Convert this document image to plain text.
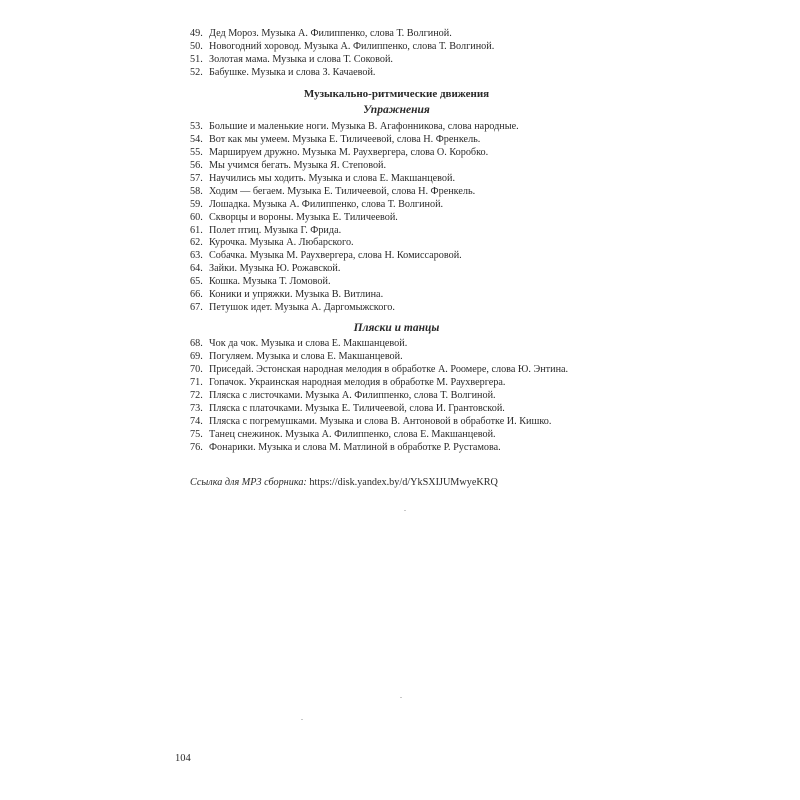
49. Дед Мороз. Музыка А. Филиппенко, слова Т. Волгиной.
50. Новогодний хоровод. Музыка А. Филиппенко, слова Т. Волгиной.
51. Золотая мама. Музыка и слова Т. Соковой.
52. Бабушке. Музыка и слова З. Качаевой.
Музыкально-ритмические движения
Упражнения
53. Большие и маленькие ноги. Музыка В. Агафонникова, слова народные.
54. Вот как мы умеем. Музыка Е. Тиличеевой, слова Н. Френкель.
55. Маршируем дружно. Музыка М. Раухвергера, слова О. Коробко.
56. Мы учимся бегать. Музыка Я. Степовой.
57. Научились мы ходить. Музыка и слова Е. Макшанцевой.
58. Ходим — бегаем. Музыка Е. Тиличеевой, слова Н. Френкель.
59. Лошадка. Музыка А. Филиппенко, слова Т. Волгиной.
60. Скворцы и вороны. Музыка Е. Тиличеевой.
61. Полет птиц. Музыка Г. Фрида.
62. Курочка. Музыка А. Любарского.
63. Собачка. Музыка М. Раухвергера, слова Н. Комиссаровой.
64. Зайки. Музыка Ю. Рожавской.
65. Кошка. Музыка Т. Ломовой.
66. Коники и упряжки. Музыка В. Витлина.
67. Петушок идет. Музыка А. Даргомыжского.
Пляски и танцы
68. Чок да чок. Музыка и слова Е. Макшанцевой.
69. Погуляем. Музыка и слова Е. Макшанцевой.
70. Приседай. Эстонская народная мелодия в обработке А. Роомере, слова Ю. Энтина.
71. Гопачок. Украинская народная мелодия в обработке М. Раухвергера.
72. Пляска с листочками. Музыка А. Филиппенко, слова Т. Волгиной.
73. Пляска с платочками. Музыка Е. Тиличеевой, слова И. Грантовской.
74. Пляска с погремушками. Музыка и слова В. Антоновой в обработке И. Кишко.
75. Танец снежинок. Музыка А. Филиппенко, слова Е. Макшанцевой.
76. Фонарики. Музыка и слова М. Матлиной в обработке Р. Рустамова.
Ссылка для MP3 сборника: https://disk.yandex.by/d/YkSXIJUMwyeKRQ
104
